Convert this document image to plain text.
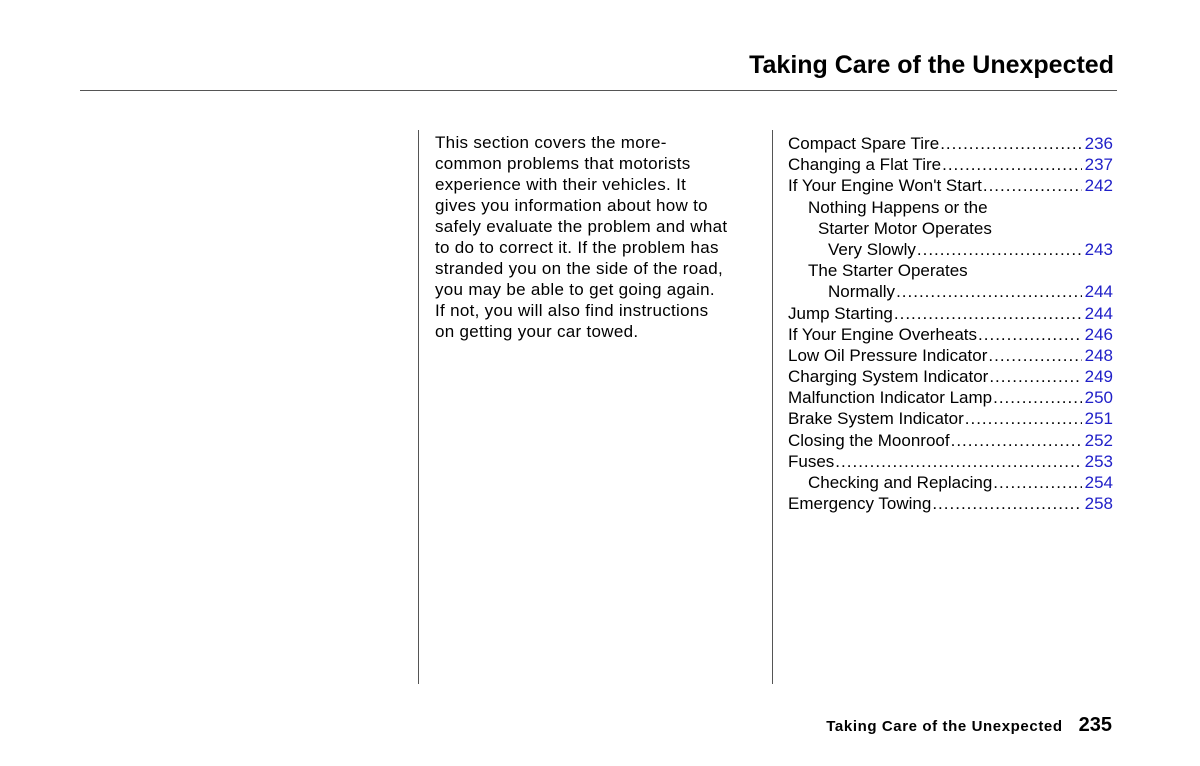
Taking Care of the Unexpected
This section covers the more-
common problems that motorists
experience with their vehicles. It
gives you information about how to
safely evaluate the problem and what
to do to correct it. If the problem has
stranded you on the side of the road,
you may be able to get going again.
If not, you will also find instructions
on getting your car towed.
Compact Spare Tire .....	236
Changing a Flat Tire .....	237
If Your Engine Won't Start .....	242
Nothing Happens or the
Starter Motor Operates
Very Slowly .....	243
The Starter Operates
Normally .....	244
Jump Starting .....	244
If Your Engine Overheats .....	246
Low Oil Pressure Indicator .....	248
Charging System Indicator .....	249
Malfunction Indicator Lamp .....	250
Brake System Indicator .....	251
Closing the Moonroof .....	252
Fuses .....	253
Checking and Replacing .....	254
Emergency Towing .....	258
Taking Care of the Unexpected 235
